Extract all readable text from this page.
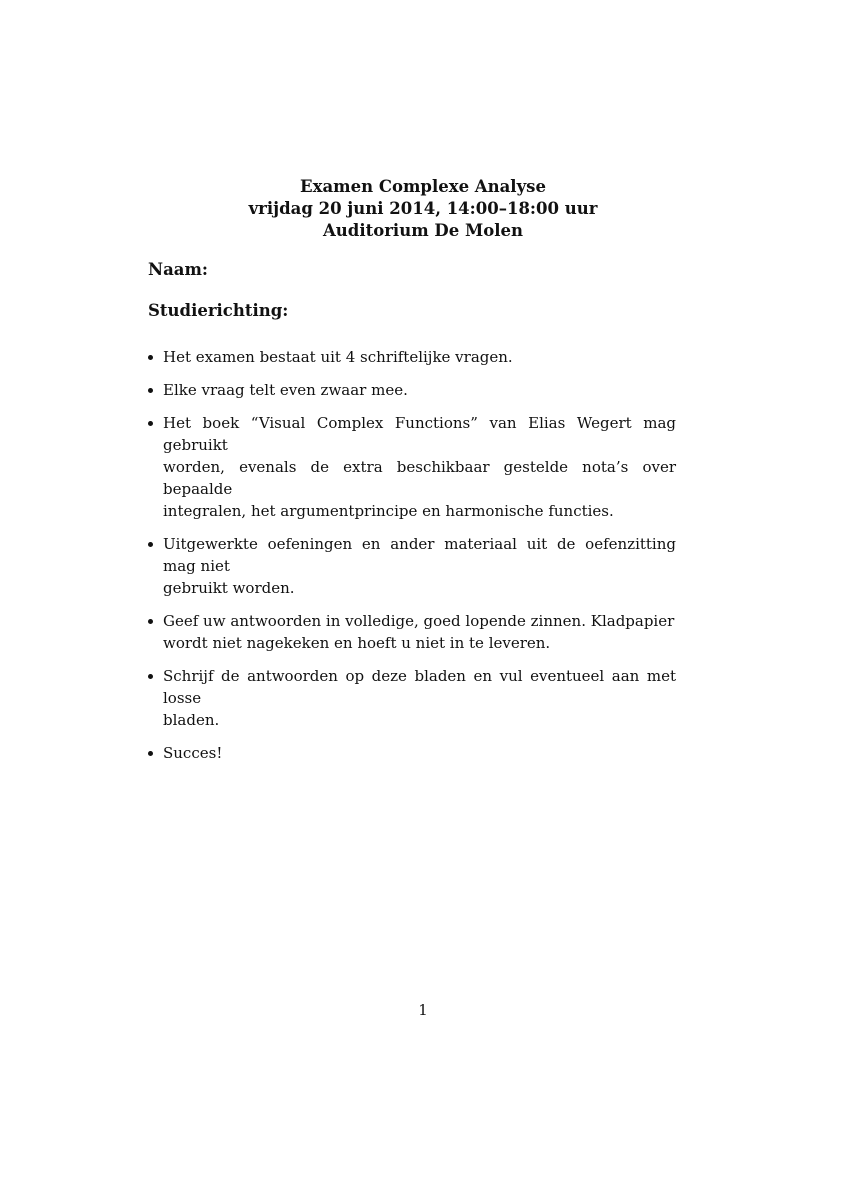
Examen Complexe Analyse
vrijdag 20 juni 2014, 14:00–18:00 uur
Auditorium De Molen
Naam:
Studierichting:
Het examen bestaat uit 4 schriftelijke vragen.
Elke vraag telt even zwaar mee.
Het boek “Visual Complex Functions” van Elias Wegert mag gebruikt
worden, evenals de extra beschikbaar gestelde nota’s over bepaalde
integralen, het argumentprincipe en harmonische functies.
Uitgewerkte oefeningen en ander materiaal uit de oefenzitting mag niet
gebruikt worden.
Geef uw antwoorden in volledige, goed lopende zinnen. Kladpapier
wordt niet nagekeken en hoeft u niet in te leveren.
Schrijf de antwoorden op deze bladen en vul eventueel aan met losse
bladen.
Succes!
1
